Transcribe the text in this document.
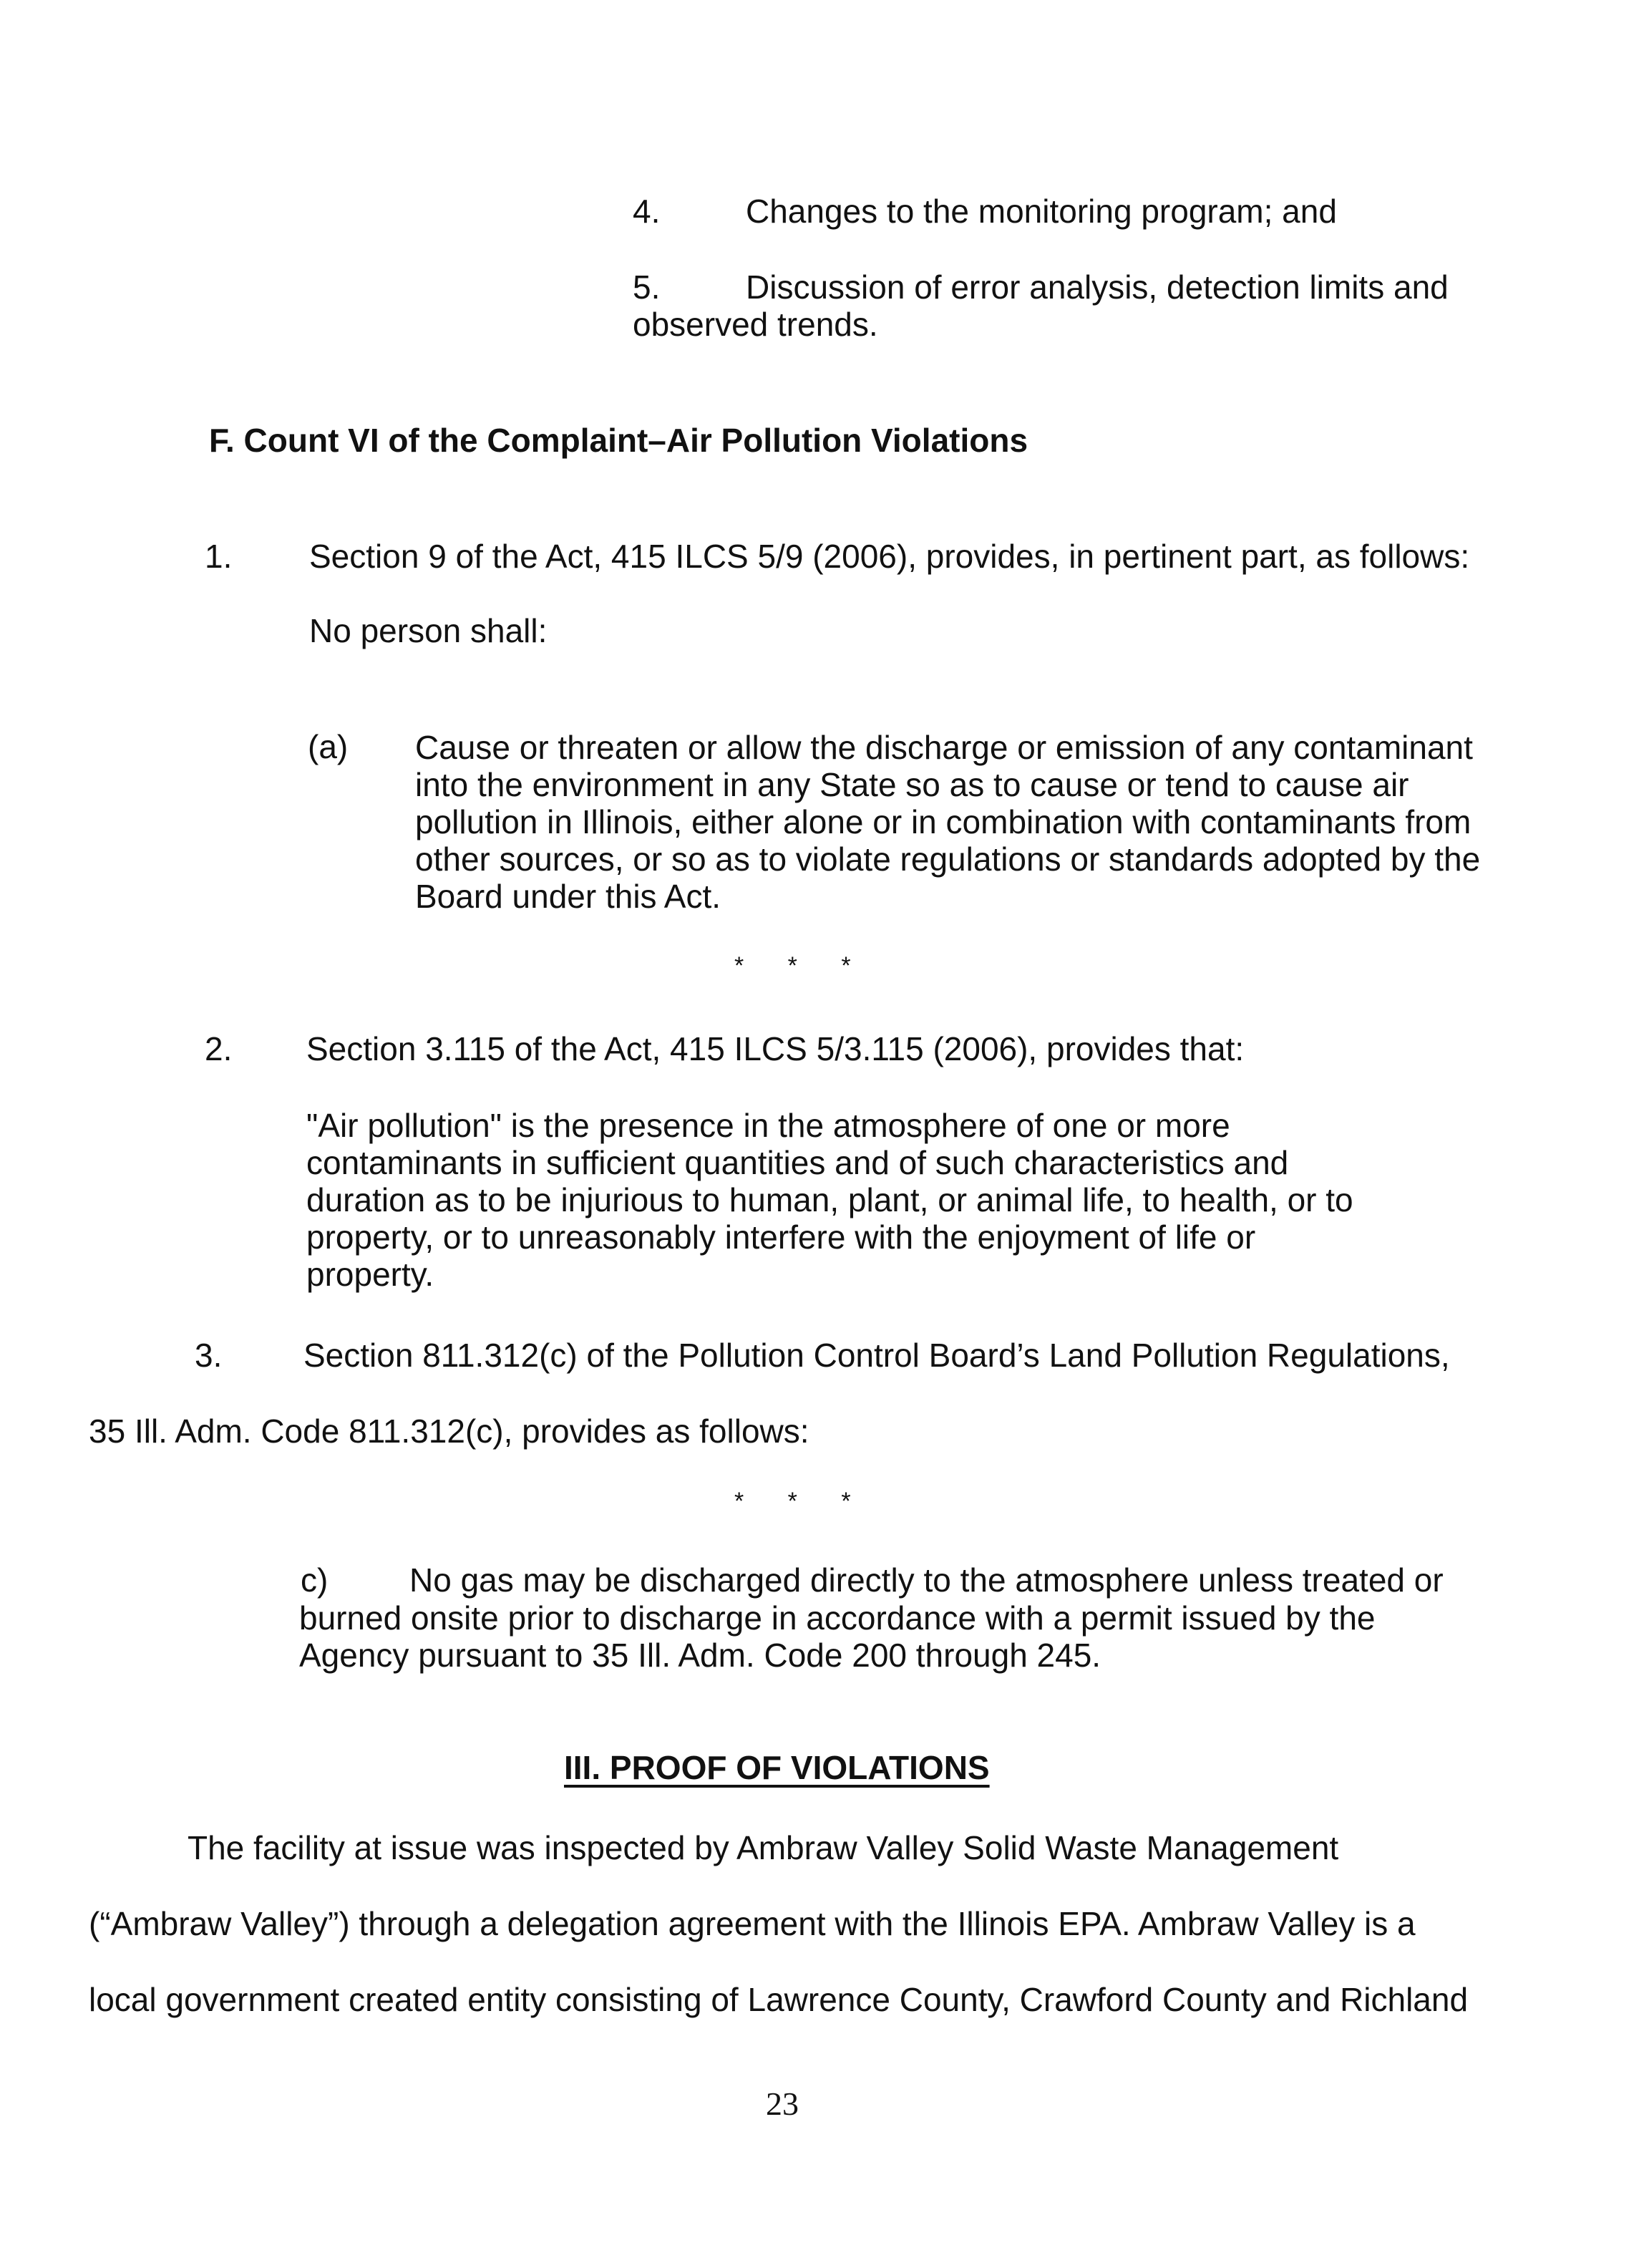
4.	Changes to the monitoring program; and
5.	Discussion of error analysis, detection limits and
observed trends.
F. Count VI of the Complaint–Air Pollution Violations
1. Section 9 of the Act, 415 ILCS 5/9 (2006), provides, in pertinent part, as follows:
No person shall:
(a) Cause or threaten or allow the discharge or emission of any contaminant
into the environment in any State so as to cause or tend to cause air
pollution in Illinois, either alone or in combination with contaminants from
other sources, or so as to violate regulations or standards adopted by the
Board under this Act.
* * *
2. Section 3.115 of the Act, 415 ILCS 5/3.115 (2006), provides that:
"Air pollution" is the presence in the atmosphere of one or more
contaminants in sufficient quantities and of such characteristics and
duration as to be injurious to human, plant, or animal life, to health, or to
property, or to unreasonably interfere with the enjoyment of life or
property.
3. Section 811.312(c) of the Pollution Control Board’s Land Pollution Regulations,
35 Ill. Adm. Code 811.312(c), provides as follows:
* * *
c) No gas may be discharged directly to the atmosphere unless treated or
burned onsite prior to discharge in accordance with a permit issued by the
Agency pursuant to 35 Ill. Adm. Code 200 through 245.
III. PROOF OF VIOLATIONS
The facility at issue was inspected by Ambraw Valley Solid Waste Management
(“Ambraw Valley”) through a delegation agreement with the Illinois EPA. Ambraw Valley is a
local government created entity consisting of Lawrence County, Crawford County and Richland
23
